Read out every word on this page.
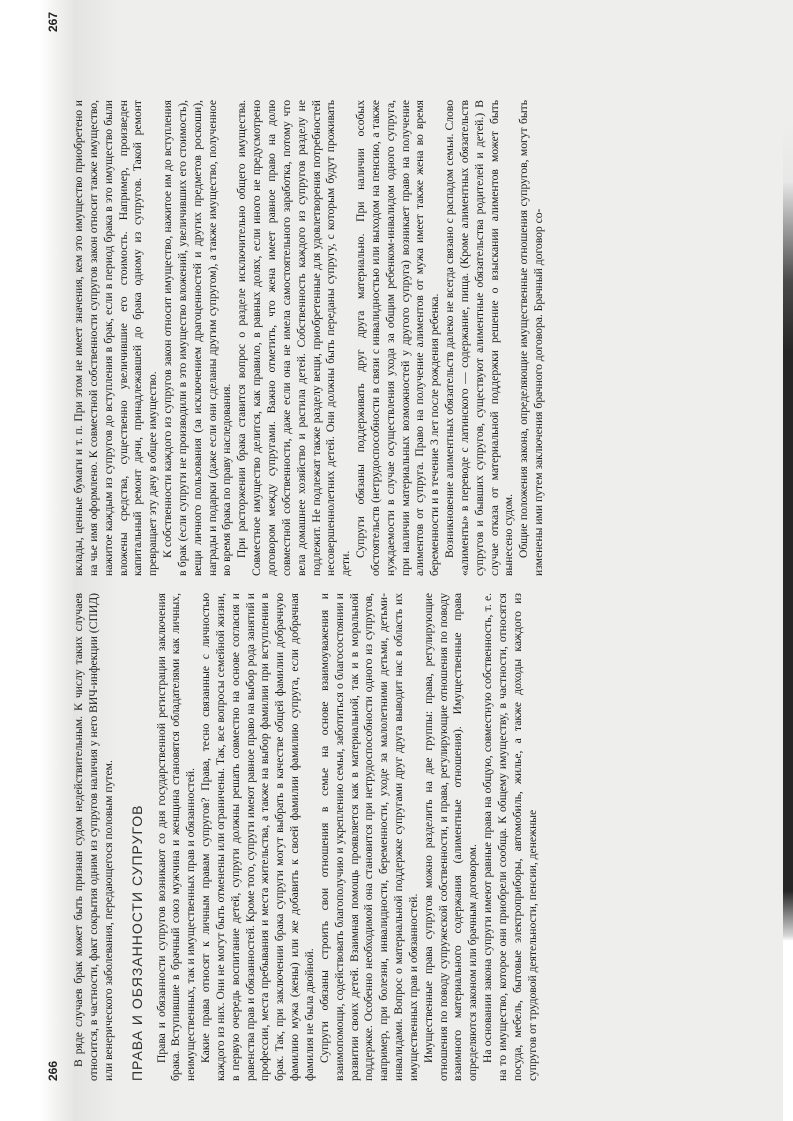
266

В ряде случаев брак может быть признан судом недействительным. К числу таких случаев относится, в частности, факт сокрытия одним из супругов наличия у него ВИЧ-инфекции (СПИД) или венерического заболевания, передающегося половым путем. ПРАВА И ОБЯЗАННОСТИ СУПРУГОВ Права и обязанности супругов возникают со дня государственной регистрации заключения брака. Вступившие в брачный союз мужчина и женщина становятся обладателями как личных, неимущественных, так и имущественных прав и обязанностей. Какие права относят к личным правам супругов? Права, тесно связанные с личностью каждого из них. Они не могут быть отменены или ограничены. Так, все вопросы семейной жизни, в первую очередь воспитание детей, супруги должны решать совместно на основе согласия и равенства прав и обязанностей. Кроме того, супруги имеют равное право на выбор рода занятий и профессии, места пребывания и места жительства, а также на выбор фамилии при вступлении в брак. Так, при заключении брака супруги могут выбрать в качестве общей фамилии добрачную фамилию мужа (жены) или же добавить к своей фамилии фамилию супруга, если добрачная фамилия не была двойной. Супруги обязаны строить свои отношения в семье на основе взаимоуважения и взаимопомощи, содействовать благополучию и укреплению семьи, заботиться о благосостоянии и развитии своих детей. Взаимная помощь проявляется как в материальной, так и в моральной поддержке. Особенно необходимой она становится при нетрудоспособности одного из супругов, например, при болезни, инвалидности, беременности, уходе за малолетними детьми, детьми-инвалидами. Вопрос о материальной поддержке супругами друг друга выводит нас в область их имущественных прав и обязанностей. Имущественные права супругов можно разделить на две группы: права, регулирующие отношения по поводу супружеской собственности, и права, регулирующие отношения по поводу взаимного материального содержания (алиментные отношения). Имущественные права определяются законом или брачным договором. На основании закона супруги имеют равные права на общую, совместную собственность, т. е. на то имущество, которое они приобрели сообща. К общему имуществу, в частности, относятся посуда, мебель, бытовые электроприборы, автомобиль, жилье, а также доходы каждого из супругов от трудовой деятельности, пенсии, денежные

267

вклады, ценные бумаги и т. п. При этом не имеет значения, кем это имущество приобретено и на чье имя оформлено. К совместной собственности супругов закон относит также имущество, нажитое каждым из супругов до вступления в брак, если в период брака в это имущество были вложены средства, существенно увеличившие его стоимость. Например, произведен капитальный ремонт дачи, принадлежавшей до брака одному из супругов. Такой ремонт превращает эту дачу в общее имущество. К собственности каждого из супругов закон относит имущество, нажитое им до вступления в брак (если супруги не производили в это имущество вложений, увеличивших его стоимость), вещи личного пользования (за исключением драгоценностей и других предметов роскоши), награды и подарки (даже если они сделаны другим супругом), а также имущество, полученное во время брака по праву наследования. При расторжении брака ставится вопрос о разделе исключительно общего имущества. Совместное имущество делится, как правило, в равных долях, если иного не предусмотрено договором между супругами. Важно отметить, что жена имеет равное право на долю совместной собственности, даже если она не имела самостоятельного заработка, потому что вела домашнее хозяйство и растила детей. Собственность каждого из супругов разделу не подлежит. Не подлежат также разделу вещи, приобретенные для удовлетворения потребностей несовершеннолетних детей. Они должны быть переданы супругу, с которым будут проживать дети.

Супруги обязаны поддерживать друг друга материально. При наличии особых обстоятельств (нетрудоспособности в связи с инвалидностью или выходом на пенсию, а также нуждаемости в случае осуществления ухода за общим ребенком-инвалидом одного супруга, при наличии материальных возможностей у другого супруга) возникает право на получение алиментов от супруга. Право на получение алиментов от мужа имеет также жена во время беременности и в течение 3 лет после рождения ребенка. Возникновение алиментных обязательств далеко не всегда связано с распадом семьи. Слово «алименты» в переводе с латинского — содержание, пища. (Кроме алиментных обязательств супругов и бывших супругов, существуют алиментные обязательства родителей и детей.) В случае отказа от материальной поддержки решение о взыскании алиментов может быть вынесено судом. Общие положения закона, определяющие имущественные отношения супругов, могут быть изменены ими путем заключения брачного договора. Брачный договор со-
